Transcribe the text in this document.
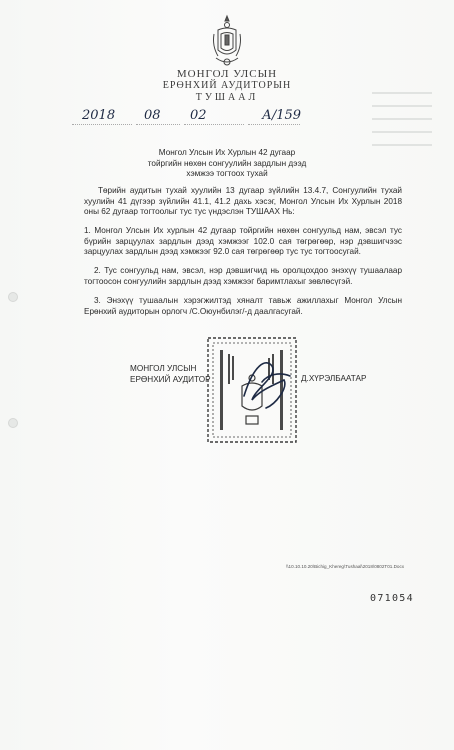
МОНГОЛ УЛСЫН
ЕРӨНХИЙ АУДИТОРЫН
ТУШААЛ
2018 08 02	А/159
Монгол Улсын Их Хурлын 42 дугаар
тойргийн нөхөн сонгуулийн зардлын дээд
хэмжээ тогтоох тухай
Төрийн аудитын тухай хуулийн 13 дугаар зүйлийн 13.4.7, Сонгуулийн тухай хуулийн 41 дүгээр зүйлийн 41.1, 41.2 дахь хэсэг, Монгол Улсын Их Хурлын 2018 оны 62 дугаар тогтоолыг тус тус үндэслэн ТУШААХ Нь:
1. Монгол Улсын Их хурлын 42 дугаар тойргийн нөхөн сонгуульд нам, эвсэл тус бүрийн зарцуулах зардлын дээд хэмжээг 102.0 сая төгрөгөөр, нэр дэвшигчээс зарцуулах зардлын дээд хэмжээг 92.0 сая төгрөгөөр тус тус тогтоосугай.
2. Тус сонгуульд нам, эвсэл, нэр дэвшигчид нь оролцохдоо энэхүү тушаалаар тогтоосон сонгуулийн зардлын дээд хэмжээг баримтлахыг зөвлөсүгэй.
3. Энэхүү тушаалын хэрэгжилтэд хяналт тавьж ажиллахыг Монгол Улсын Ерөнхий аудиторын орлогч /С.Оюунбилэг/-д даалгасугай.
МОНГОЛ УЛСЫН
ЕРӨНХИЙ АУДИТОР	Д.ХҮРЭЛБААТАР
\\10.10.10.20\Bichig_Khereg\Tushaal\2018\0802T01.Docx
071054
